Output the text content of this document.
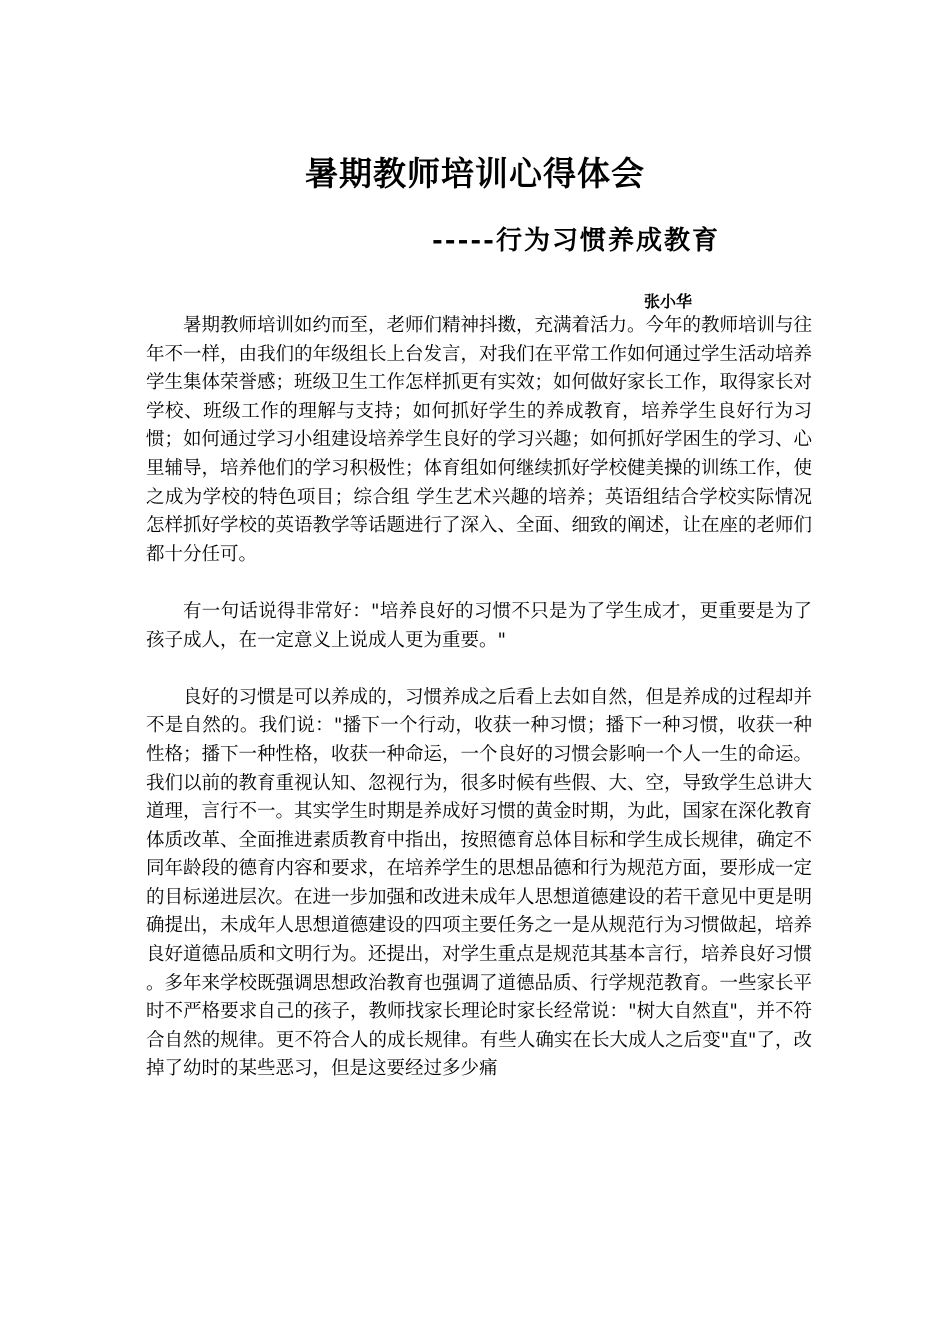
暑期教师培训心得体会
-----行为习惯养成教育
张小华

暑期教师培训如约而至，老师们精神抖擞，充满着活力。今年的教师培训与往年不一样，由我们的年级组长上台发言，对我们在平常工作如何通过学生活动培养学生集体荣誉感；班级卫生工作怎样抓更有实效；如何做好家长工作，取得家长对学校、班级工作的理解与支持；如何抓好学生的养成教育，培养学生良好行为习惯；如何通过学习小组建设培养学生良好的学习兴趣；如何抓好学困生的学习、心里辅导，培养他们的学习积极性；体育组如何继续抓好学校健美操的训练工作，使之成为学校的特色项目；综合组 学生艺术兴趣的培养；英语组结合学校实际情况怎样抓好学校的英语教学等话题进行了深入、全面、细致的阐述，让在座的老师们都十分任可。

有一句话说得非常好："培养良好的习惯不只是为了学生成才，更重要是为了孩子成人，在一定意义上说成人更为重要。"

良好的习惯是可以养成的，习惯养成之后看上去如自然，但是养成的过程却并不是自然的。我们说："播下一个行动，收获一种习惯；播下一种习惯，收获一种性格；播下一种性格，收获一种命运，一个良好的习惯会影响一个人一生的命运。我们以前的教育重视认知、忽视行为，很多时候有些假、大、空，导致学生总讲大道理，言行不一。其实学生时期是养成好习惯的黄金时期，为此，国家在深化教育体质改革、全面推进素质教育中指出，按照德育总体目标和学生成长规律，确定不同年龄段的德育内容和要求，在培养学生的思想品德和行为规范方面，要形成一定的目标递进层次。在进一步加强和改进未成年人思想道德建设的若干意见中更是明确提出，未成年人思想道德建设的四项主要任务之一是从规范行为习惯做起，培养良好道德品质和文明行为。还提出，对学生重点是规范其基本言行，培养良好习惯 。多年来学校既强调思想政治教育也强调了道德品质、行学规范教育。一些家长平时不严格要求自己的孩子，教师找家长理论时家长经常说："树大自然直"，并不符合自然的规律。更不符合人的成长规律。有些人确实在长大成人之后变"直"了，改掉了幼时的某些恶习，但是这要经过多少痛
